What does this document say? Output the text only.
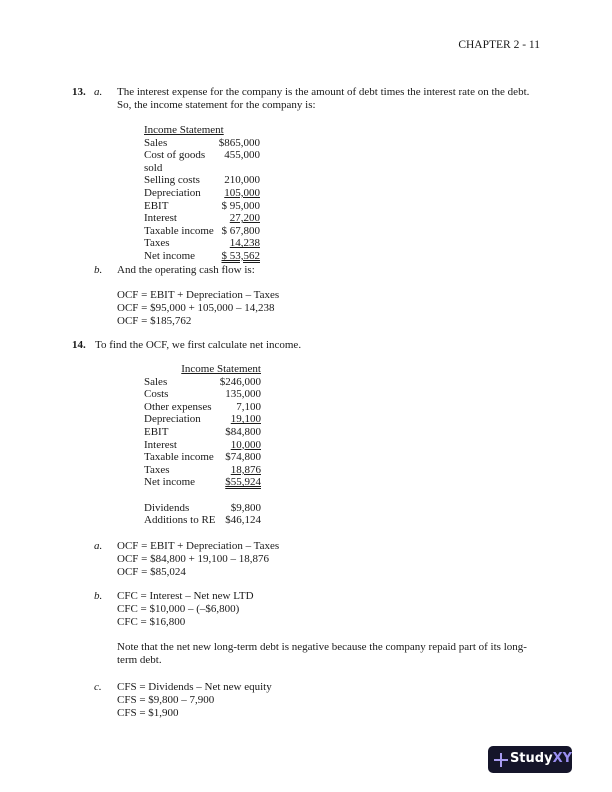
CHAPTER 2 - 11
13. a. The interest expense for the company is the amount of debt times the interest rate on the debt. So, the income statement for the company is:
Income Statement	
Sales	$865,000
Cost of goods sold	455,000
Selling costs	210,000
Depreciation	105,000
EBIT	$ 95,000
Interest	27,200
Taxable income	$ 67,800
Taxes	14,238
Net income	$ 53,562
b. And the operating cash flow is:
OCF = EBIT + Depreciation – Taxes
OCF = $95,000 + 105,000 – 14,238
OCF = $185,762
14. To find the OCF, we first calculate net income.
Income Statement	
Sales	$246,000
Costs	135,000
Other expenses	7,100
Depreciation	19,100
EBIT	$84,800
Interest	10,000
Taxable income	$74,800
Taxes	18,876
Net income	$55,924

Dividends	$9,800
Additions to RE	$46,124
a. OCF = EBIT + Depreciation – Taxes
OCF = $84,800 + 19,100 – 18,876
OCF = $85,024
b. CFC = Interest – Net new LTD
CFC = $10,000 – (–$6,800)
CFC = $16,800
Note that the net new long-term debt is negative because the company repaid part of its long-term debt.
c. CFS = Dividends – Net new equity
CFS = $9,800 – 7,900
CFS = $1,900
Study XY
